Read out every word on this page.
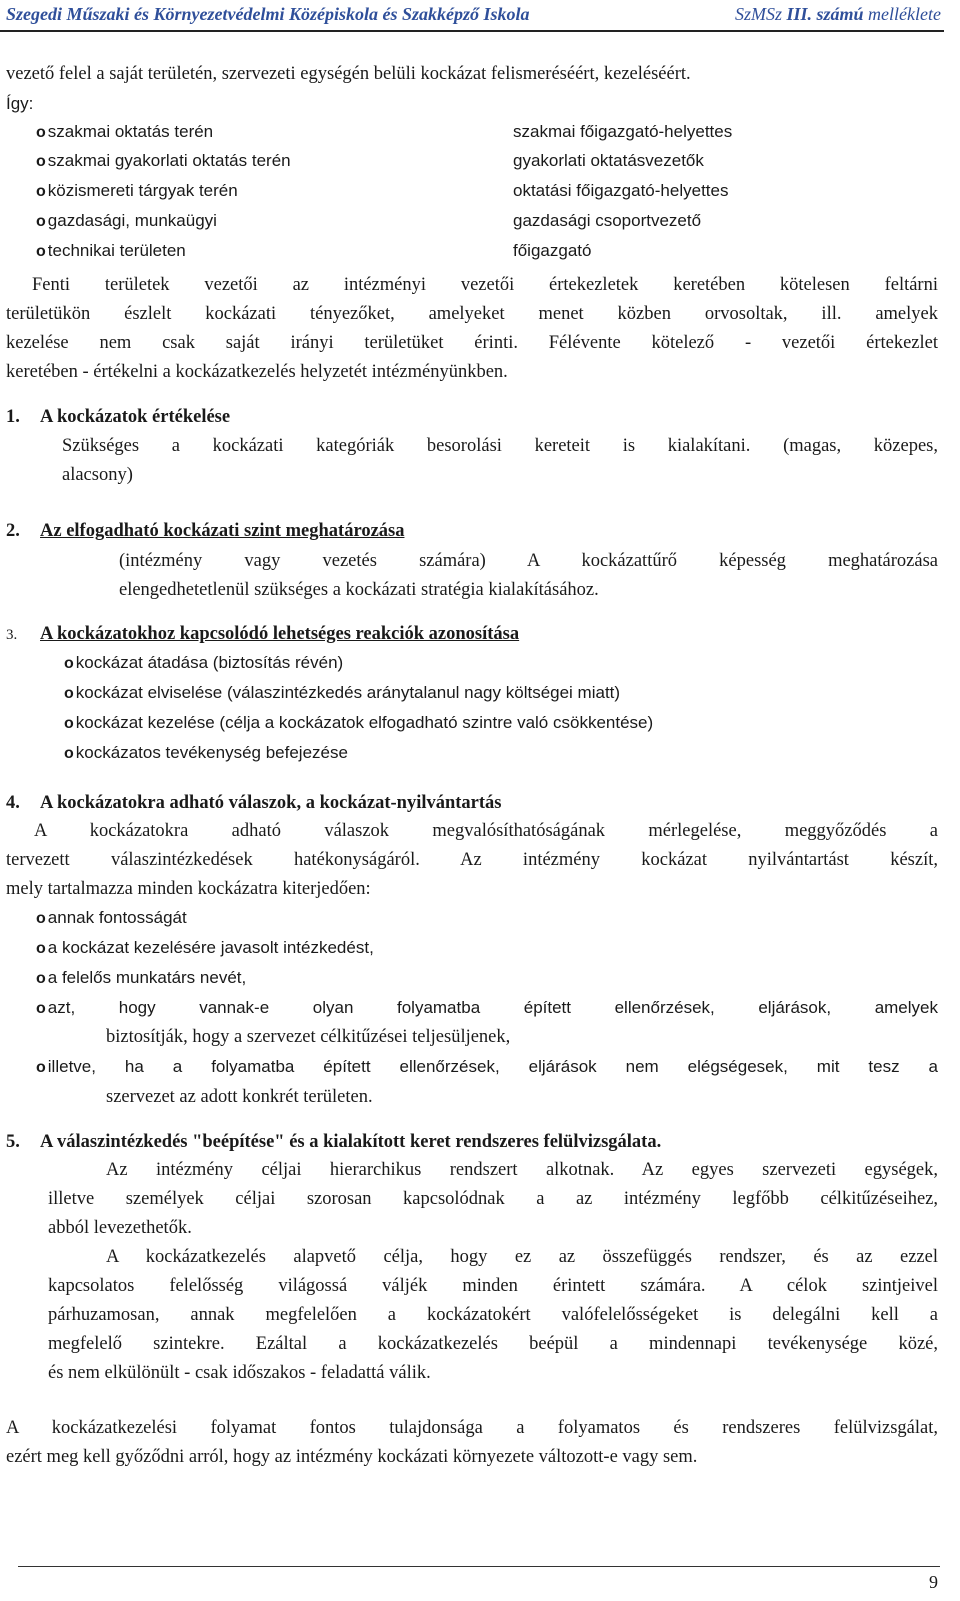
Szegedi Műszaki és Környezetvédelmi Középiskola és Szakképző Iskola	SzMSz III. számú melléklete
vezető felel a saját területén, szervezeti egységén belüli kockázat felismeréséért, kezeléséért.
Így:
o szakmai oktatás terén	szakmai főigazgató-helyettes
o szakmai gyakorlati oktatás terén	gyakorlati oktatásvezetők
o közismereti tárgyak terén	oktatási főigazgató-helyettes
o gazdasági, munkaügyi	gazdasági csoportvezető
o technikai területen	főigazgató
Fenti területek vezetői az intézményi vezetői értekezletek keretében kötelesen feltárni
területükön észlelt kockázati tényezőket, amelyeket menet közben orvosoltak, ill. amelyek
kezelése nem csak saját irányi területüket érinti. Félévente kötelező - vezetői értekezlet
keretében - értékelni a kockázatkezelés helyzetét intézményünkben.
1. A kockázatok értékelése
Szükséges a kockázati kategóriák besorolási kereteit is kialakítani. (magas, közepes,
alacsony)
2. Az elfogadható kockázati szint meghatározása
(intézmény vagy vezetés számára) A kockázattűrő képesség meghatározása
elengedhetetlenül szükséges a kockázati stratégia kialakításához.
3. A kockázatokhoz kapcsolódó lehetséges reakciók azonosítása
o kockázat átadása (biztosítás révén)
o kockázat elviselése (válaszintézkedés aránytalanul nagy költségei miatt)
o kockázat kezelése (célja a kockázatok elfogadható szintre való csökkentése)
o kockázatos tevékenység befejezése
4. A kockázatokra adható válaszok, a kockázat-nyilvántartás
A kockázatokra adható válaszok megvalósíthatóságának mérlegelése, meggyőződés a
tervezett válaszintézkedések hatékonyságáról. Az intézmény kockázat nyilvántartást készít,
mely tartalmazza minden kockázatra kiterjedően:
o annak fontosságát
o a kockázat kezelésére javasolt intézkedést,
o a felelős munkatárs nevét,
o azt, hogy vannak-e olyan folyamatba épített ellenőrzések, eljárások, amelyek
biztosítják, hogy a szervezet célkitűzései teljesüljenek,
o illetve, ha a folyamatba épített ellenőrzések, eljárások nem elégségesek, mit tesz a
szervezet az adott konkrét területen.
5. A válaszintézkedés "beépítése" és a kialakított keret rendszeres felülvizsgálata.
Az intézmény céljai hierarchikus rendszert alkotnak. Az egyes szervezeti egységek,
illetve személyek céljai szorosan kapcsolódnak a az intézmény legfőbb célkitűzéseihez,
abból levezethetők.
A kockázatkezelés alapvető célja, hogy ez az összefüggés rendszer, és az ezzel
kapcsolatos felelősség világossá váljék minden érintett számára. A célok szintjeivel
párhuzamosan, annak megfelelően a kockázatokért valófelelősségeket is delegálni kell a
megfelelő szintekre. Ezáltal a kockázatkezelés beépül a mindennapi tevékenysége közé,
és nem elkülönült - csak időszakos - feladattá válik.
A kockázatkezelési folyamat fontos tulajdonsága a folyamatos és rendszeres felülvizsgálat,
ezért meg kell győződni arról, hogy az intézmény kockázati környezete változott-e vagy sem.
9
